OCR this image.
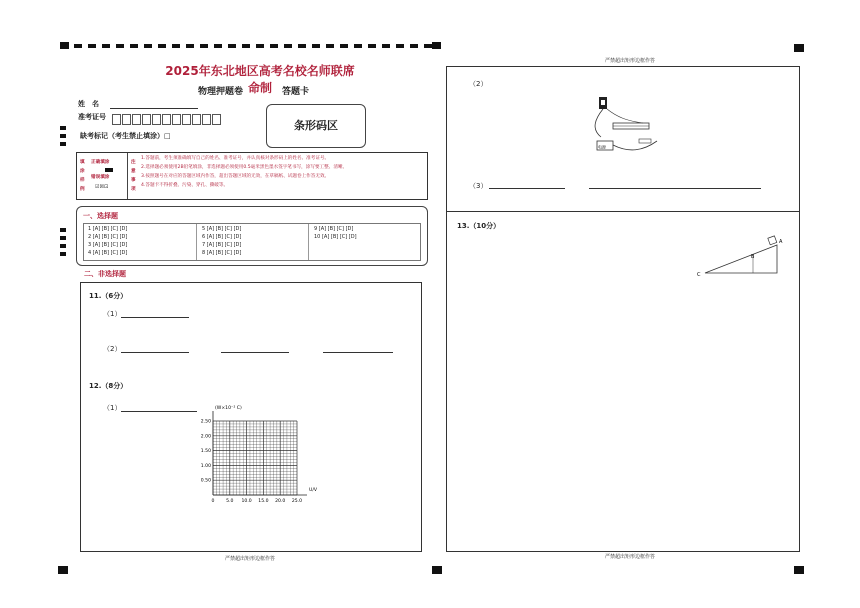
2025年东北地区高考名校名师联席命制
物理押题卷	答题卡
姓　名
准考证号
缺考标记（考生禁止填涂）□
条形码区
填涂样例
正确填涂
错误填涂
☑☒⊡
注意事项
1.答题前，考生须准确填写自己的姓名、准考证号，并认真核对条形码上的姓名、准考证号。
2.选择题必须使用2B铅笔填涂，非选择题必须使用0.5毫米黑色墨水签字笔书写，涂写要工整、清晰。
3.按照题号在对应的答题区域内作答，超出答题区域的无效，在草稿纸、试题卷上作答无效。
4.答题卡不得折叠、污染、穿孔、撕破等。
一、选择题
1 [A] [B] [C] [D]
2 [A] [B] [C] [D]
3 [A] [B] [C] [D]
4 [A] [B] [C] [D]
5 [A] [B] [C] [D]
6 [A] [B] [C] [D]
7 [A] [B] [C] [D]
8 [A] [B] [C] [D]
9 [A] [B] [C] [D]
10 [A] [B] [C] [D]
二、非选择题
11.（6分）
（1）
（2）
12.（8分）
（1）
0	5.0 10.0 15.0 20.0 25.0
2.50
2.00
1.50
1.00
0.50
(W×10⁻² C)
U/V
严禁超出矩形边框作答
严禁超出矩形边框作答
（2）
电源
（3）
13.（10分）
C
B
A
严禁超出矩形边框作答
